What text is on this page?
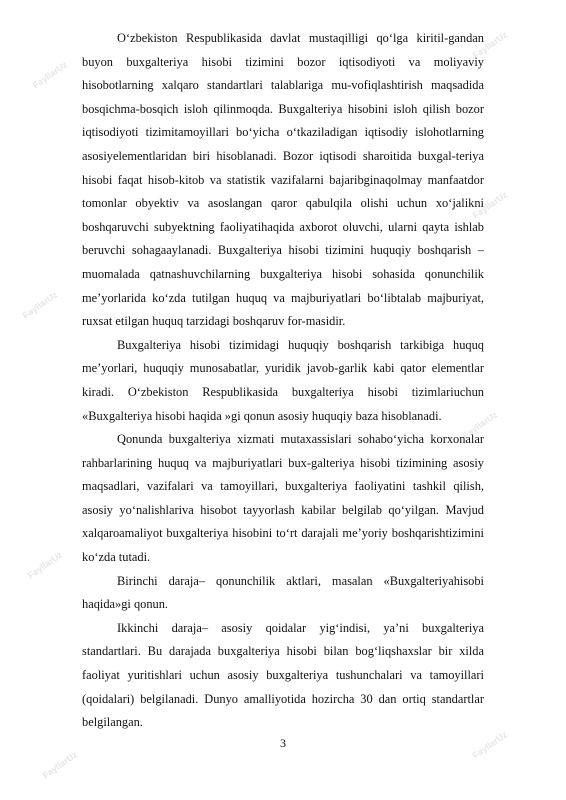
FayllarUz
FayllarUz
FayllarUz
FayllarUz
FayllarUz
FayllarUz
FayllarUz
FayllarUz

O‘zbekiston Respublikasida davlat mustaqilligi qo‘lga kiritil-gandan buyon buxgalteriya hisobi tizimini bozor iqtisodiyoti va moliyaviy hisobotlarning xalqaro standartlari talablariga mu-vofiqlashtirish maqsadida bosqichma-bosqich isloh qilinmoqda. Buxgalteriya hisobini isloh qilish bozor iqtisodiyoti tizimitamoyillari bo‘yicha o‘tkaziladigan iqtisodiy islohotlarning asosiyelementlaridan biri hisoblanadi. Bozor iqtisodi sharoitida buxgal-teriya hisobi faqat hisob-kitob va statistik vazifalarni bajaribginaqolmay manfaatdor tomonlar obyektiv va asoslangan qaror qabulqila olishi uchun xo‘jalikni boshqaruvchi subyektning faoliyatihaqida axborot oluvchi, ularni qayta ishlab beruvchi sohagaaylanadi. Buxgalteriya hisobi tizimini huquqiy boshqarish – muomalada qatnashuvchilarning buxgalteriya hisobi sohasida qonunchilik me’yorlarida ko‘zda tutilgan huquq va majburiyatlari bo‘libtalab majburiyat, ruxsat etilgan huquq tarzidagi boshqaruv for-masidir.

Buxgalteriya hisobi tizimidagi huquqiy boshqarish tarkibiga huquq me’yorlari, huquqiy munosabatlar, yuridik javob-garlik kabi qator elementlar kiradi. O‘zbekiston Respublikasida buxgalteriya hisobi tizimlariuchun «Buxgalteriya hisobi haqida »gi qonun asosiy huquqiy baza hisoblanadi.

Qonunda buxgalteriya xizmati mutaxassislari sohabo‘yicha korxonalar rahbarlarining huquq va majburiyatlari bux-galteriya hisobi tizimining asosiy maqsadlari, vazifalari va tamoyillari, buxgalteriya faoliyatini tashkil qilish, asosiy yo‘nalishlariva hisobot tayyorlash kabilar belgilab qo‘yilgan. Mavjud xalqaroamaliyot buxgalteriya hisobini to‘rt darajali me’yoriy boshqarishtizimini ko‘zda tutadi.

Birinchi daraja– qonunchilik aktlari, masalan «Buxgalteriyahisobi haqida»gi qonun.

Ikkinchi daraja– asosiy qoidalar yig‘indisi, ya’ni buxgalteriya standartlari. Bu darajada buxgalteriya hisobi bilan bog‘liqshaxslar bir xilda faoliyat yuritishlari uchun asosiy buxgalteriya tushunchalari va tamoyillari (qoidalari) belgilanadi. Dunyo amalliyotida hozircha 30 dan ortiq standartlar belgilangan.

3
